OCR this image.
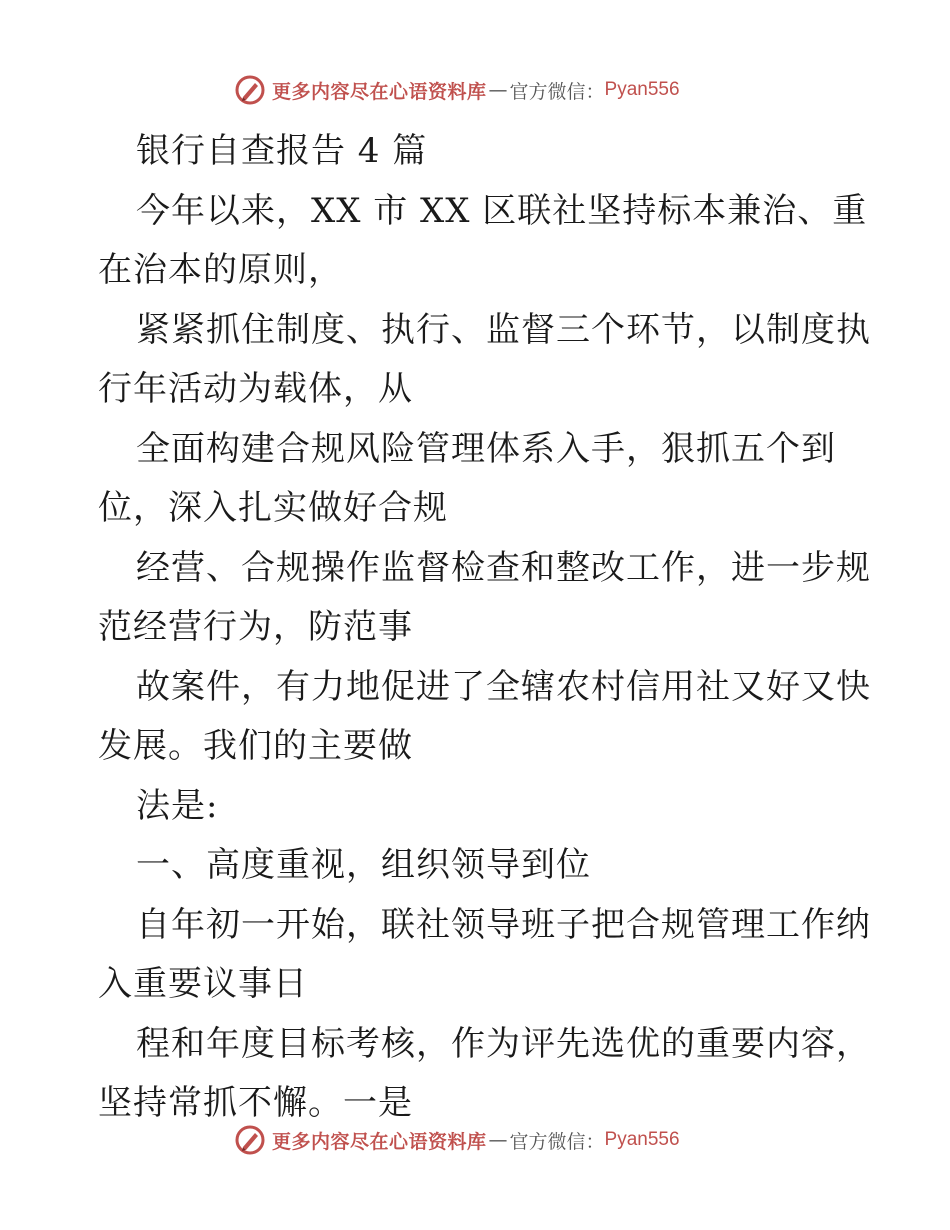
更多内容尽在心语资料库 — 官方微信： Pyan556
银行自查报告 4 篇
今年以来，XX 市 XX 区联社坚持标本兼治、重
在治本的原则，
紧紧抓住制度、执行、监督三个环节，以制度执
行年活动为载体，从
全面构建合规风险管理体系入手，狠抓五个到
位，深入扎实做好合规
经营、合规操作监督检查和整改工作，进一步规
范经营行为，防范事
故案件，有力地促进了全辖农村信用社又好又快
发展。我们的主要做
法是:
一、高度重视，组织领导到位
自年初一开始，联社领导班子把合规管理工作纳
入重要议事日
程和年度目标考核，作为评先选优的重要内容，
坚持常抓不懈。一是
更多内容尽在心语资料库 — 官方微信： Pyan556
